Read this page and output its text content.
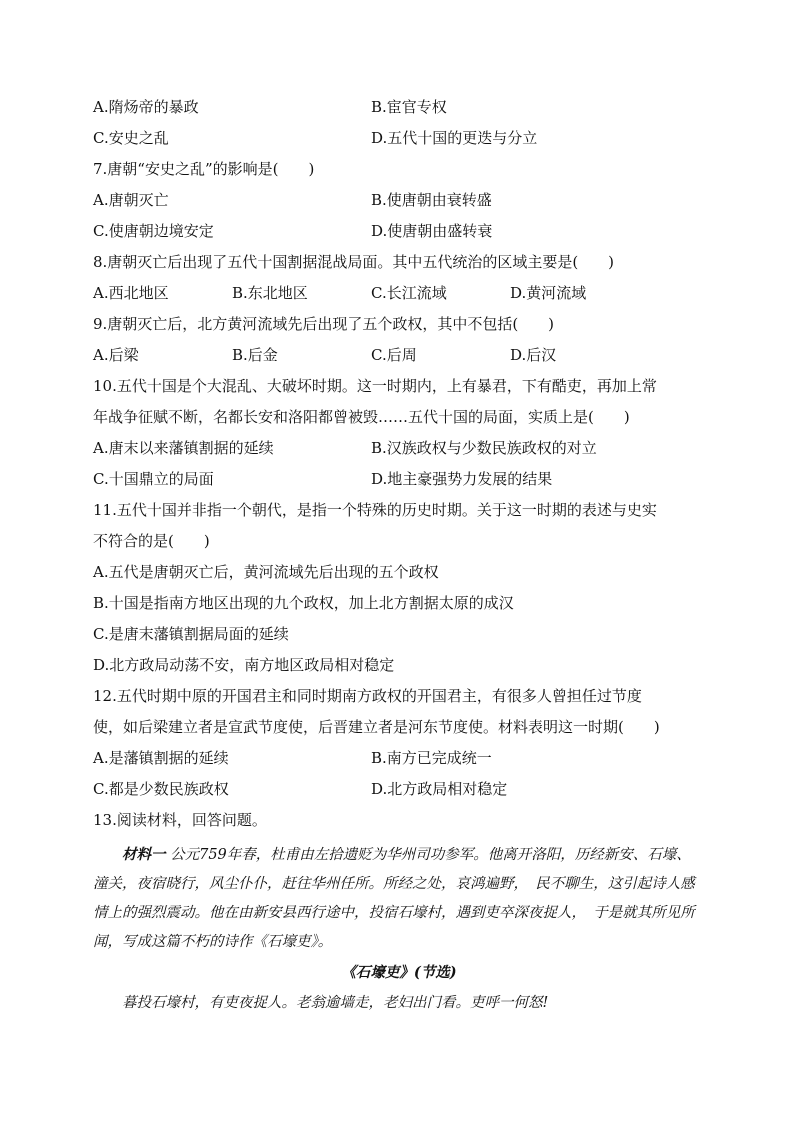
A.隋炀帝的暴政	B.宦官专权
C.安史之乱	D.五代十国的更迭与分立
7.唐朝“安史之乱”的影响是(　　)
A.唐朝灭亡	B.使唐朝由衰转盛
C.使唐朝边境安定	D.使唐朝由盛转衰
8.唐朝灭亡后出现了五代十国割据混战局面。其中五代统治的区域主要是(　　)
A.西北地区	B.东北地区	C.长江流域	D.黄河流域
9.唐朝灭亡后，北方黄河流域先后出现了五个政权，其中不包括(　　)
A.后梁	B.后金	C.后周	D.后汉
10.五代十国是个大混乱、大破坏时期。这一时期内，上有暴君，下有酷吏，再加上常
年战争征赋不断，名都长安和洛阳都曾被毁……五代十国的局面，实质上是(　　)
A.唐末以来藩镇割据的延续	B.汉族政权与少数民族政权的对立
C.十国鼎立的局面	D.地主豪强势力发展的结果
11.五代十国并非指一个朝代，是指一个特殊的历史时期。关于这一时期的表述与史实
不符合的是(　　)
A.五代是唐朝灭亡后，黄河流域先后出现的五个政权
B.十国是指南方地区出现的九个政权，加上北方割据太原的成汉
C.是唐末藩镇割据局面的延续
D.北方政局动荡不安，南方地区政局相对稳定
12.五代时期中原的开国君主和同时期南方政权的开国君主，有很多人曾担任过节度
使，如后梁建立者是宣武节度使，后晋建立者是河东节度使。材料表明这一时期(　　)
A.是藩镇割据的延续	B.南方已完成统一
C.都是少数民族政权	D.北方政局相对稳定
13.阅读材料，回答问题。

材料一 公元759年春，杜甫由左拾遗贬为华州司功参军。他离开洛阳，历经新安、石壕、潼关，夜宿晓行，风尘仆仆，赶往华州任所。所经之处，哀鸿遍野，　民不聊生，这引起诗人感情上的强烈震动。他在由新安县西行途中，投宿石壕村，遇到吏卒深夜捉人，　于是就其所见所闻，写成这篇不朽的诗作《石壕吏》。

《石壕吏》(节选)

暮投石壕村，有吏夜捉人。老翁逾墙走，老妇出门看。吏呼一何怒!
